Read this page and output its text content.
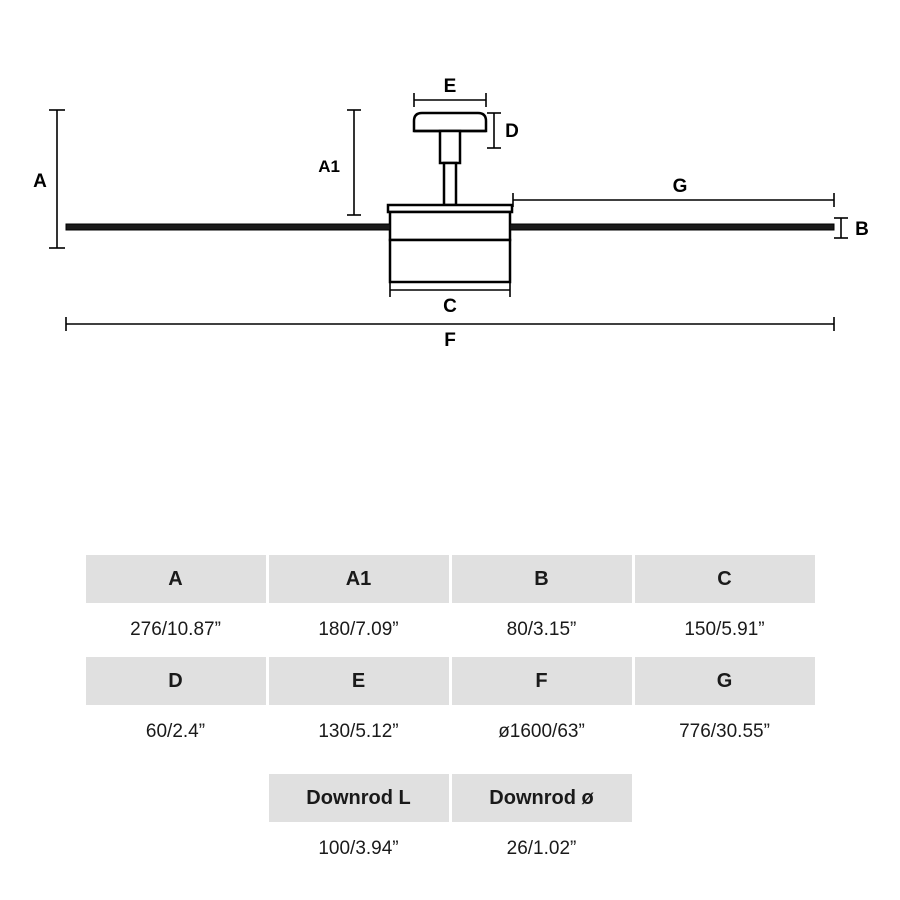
A
A1
E
D
G
B
C
F
A	A1	B	C
276/10.87”	180/7.09”	80/3.15”	150/5.91”
D	E	F	G
60/2.4”	130/5.12”	ø1600/63”	776/30.55”
Downrod L	Downrod ø
100/3.94”	26/1.02”
